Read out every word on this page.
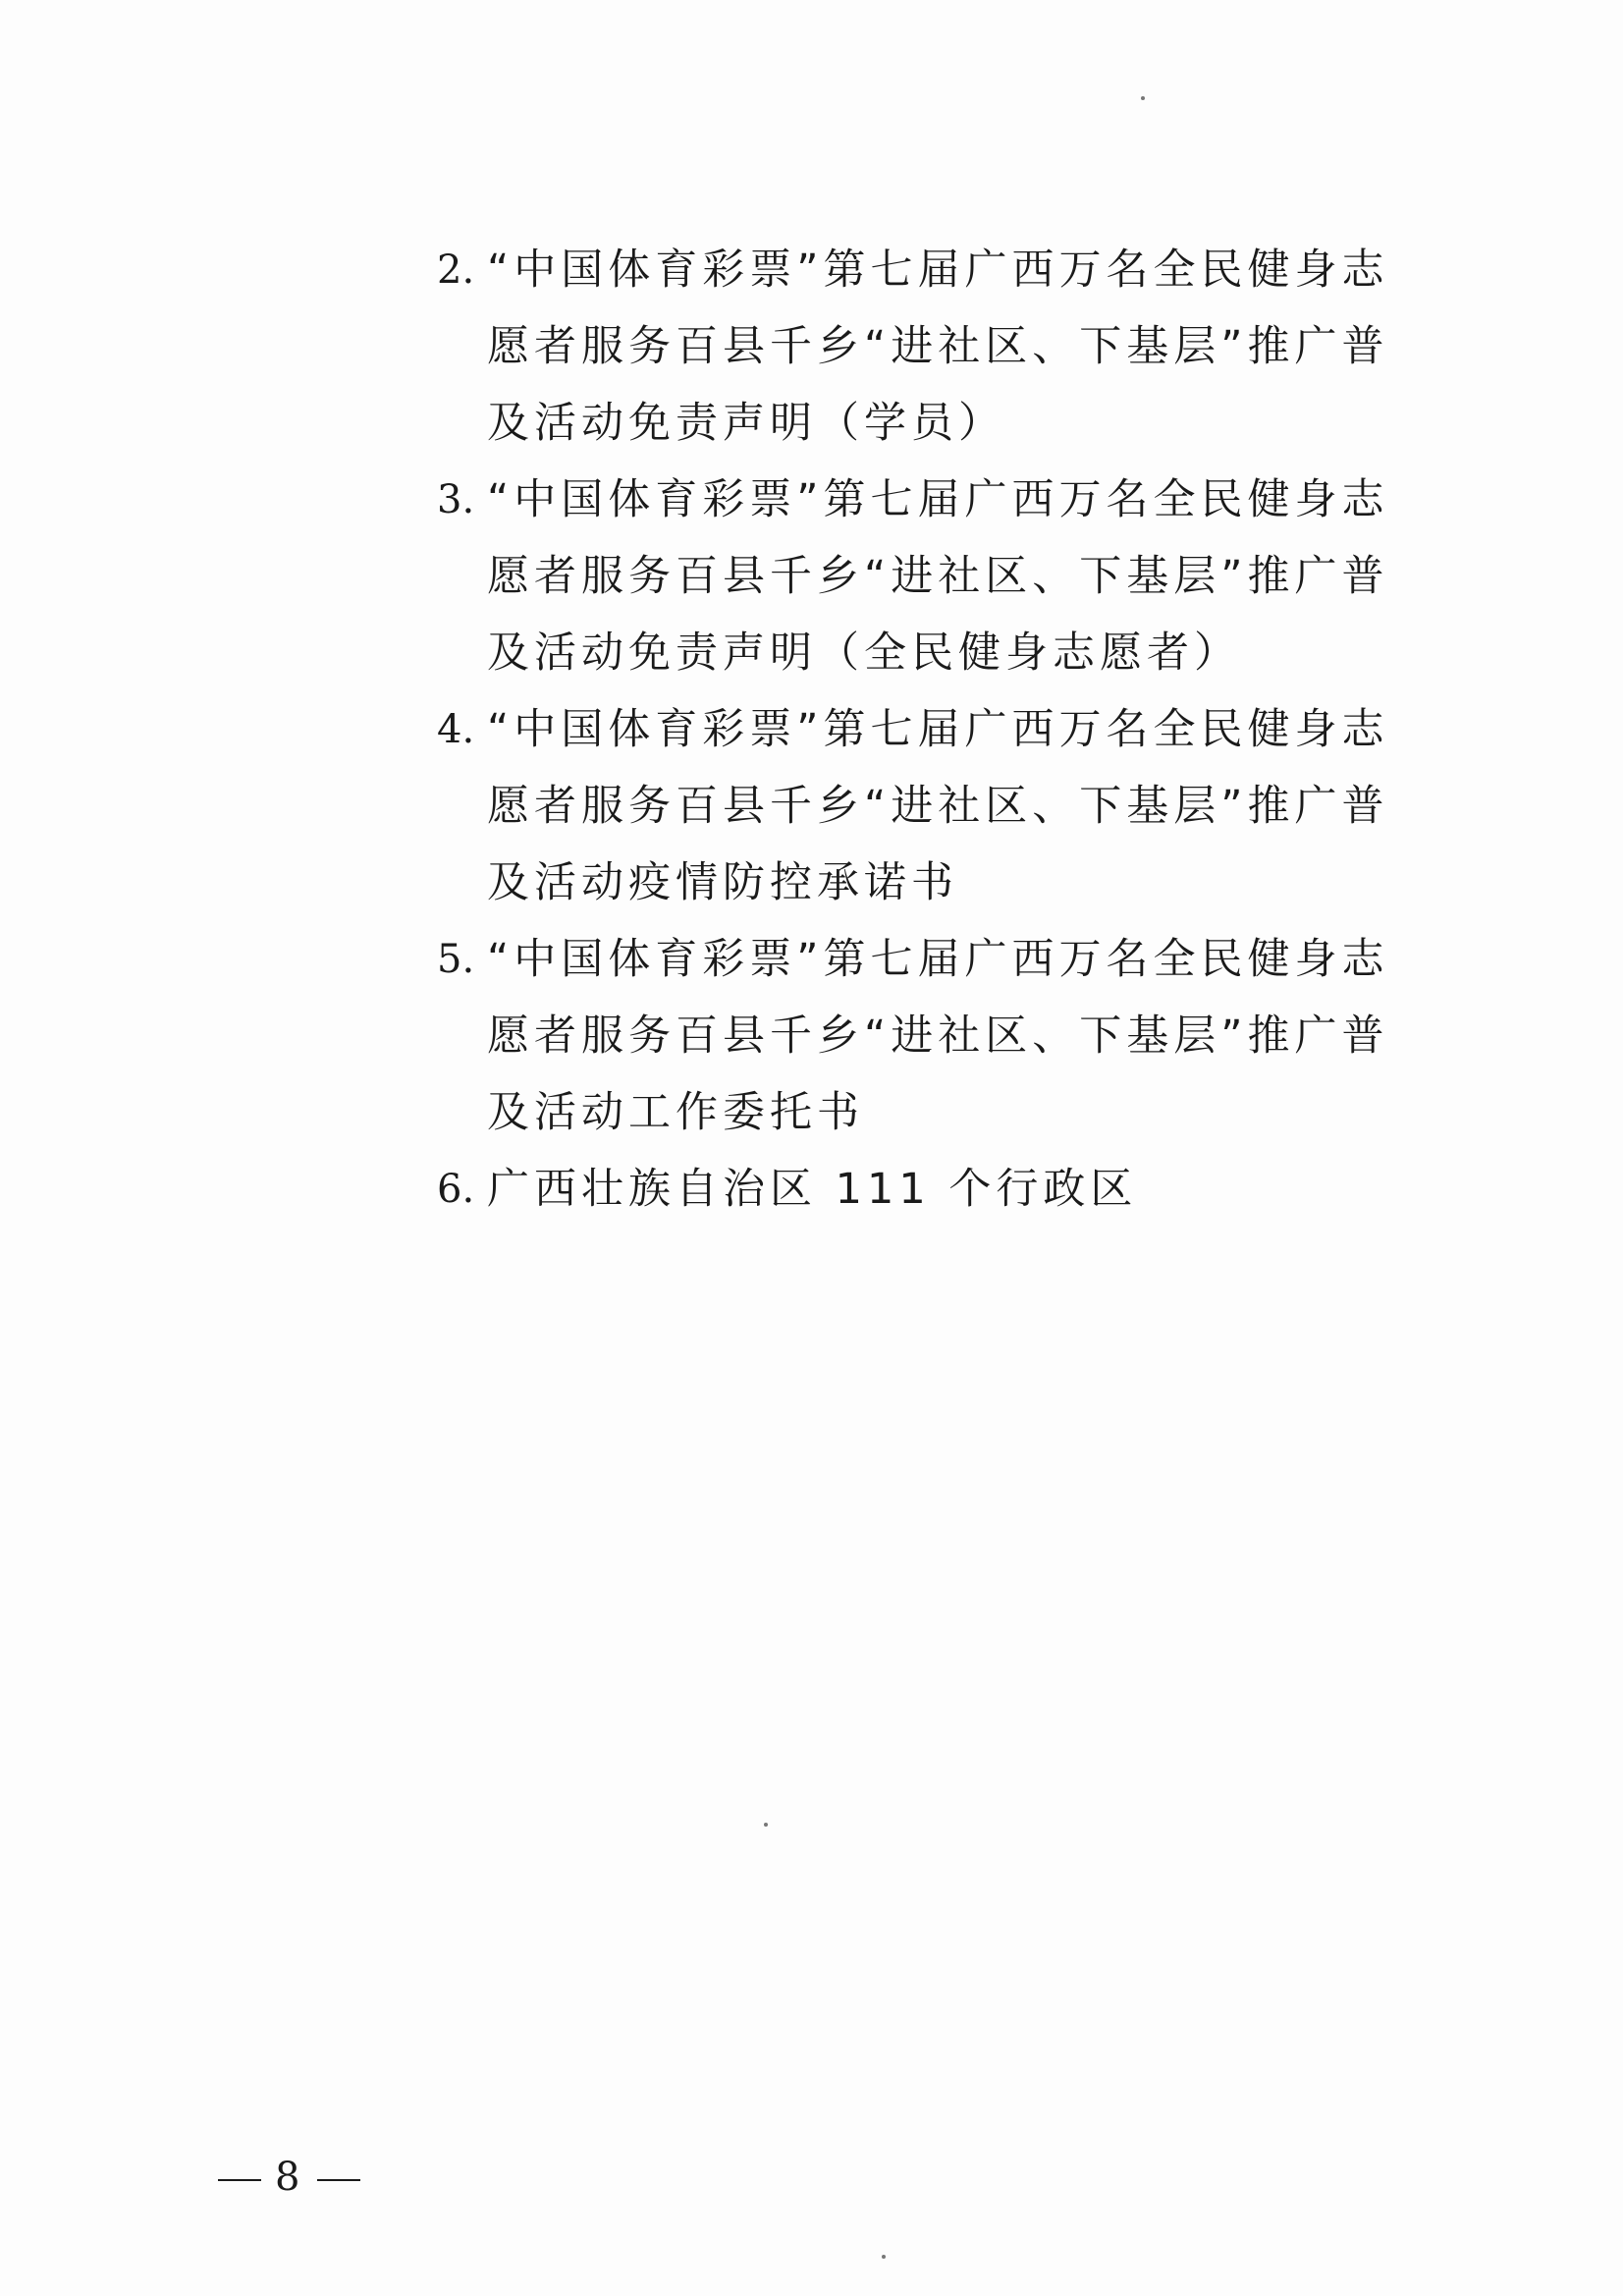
2. “中国体育彩票”第七届广西万名全民健身志愿者服务百县千乡“进社区、下基层”推广普及活动免责声明（学员）
3. “中国体育彩票”第七届广西万名全民健身志愿者服务百县千乡“进社区、下基层”推广普及活动免责声明（全民健身志愿者）
4. “中国体育彩票”第七届广西万名全民健身志愿者服务百县千乡“进社区、下基层”推广普及活动疫情防控承诺书
5. “中国体育彩票”第七届广西万名全民健身志愿者服务百县千乡“进社区、下基层”推广普及活动工作委托书
6. 广西壮族自治区 111 个行政区
8
